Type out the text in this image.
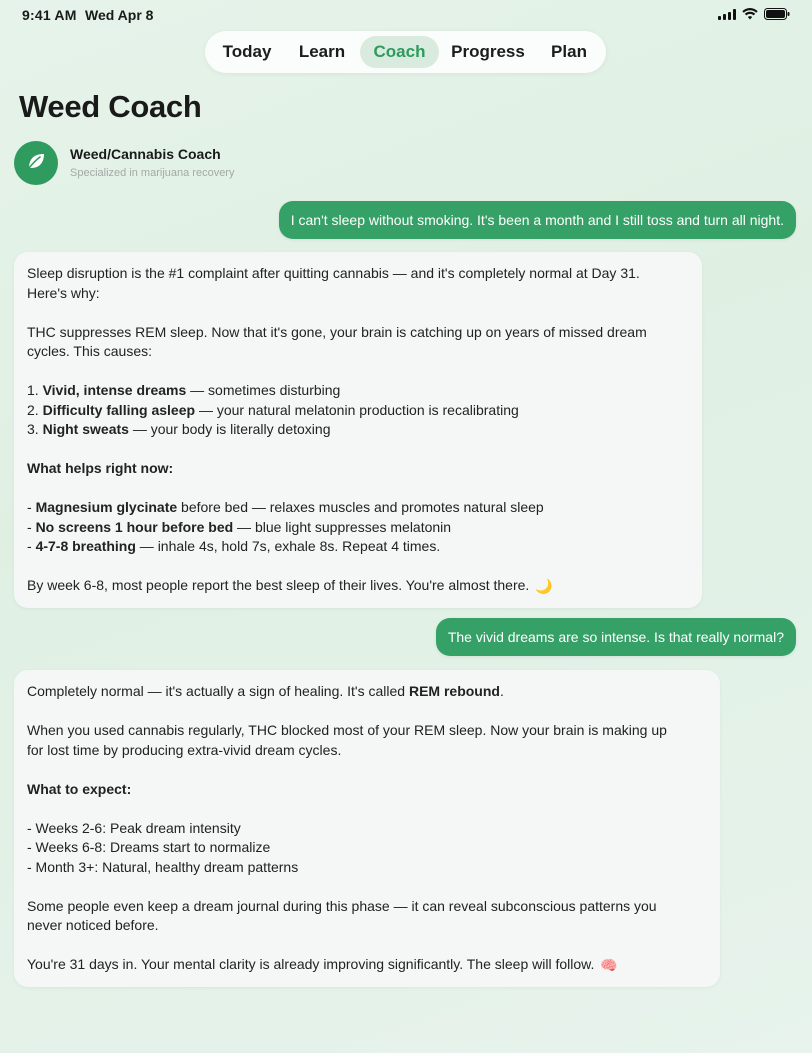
9:41 AM Wed Apr 8
Today	Learn	Coach	Progress	Plan
Weed Coach
Weed/Cannabis Coach
Specialized in marijuana recovery
I can't sleep without smoking. It's been a month and I still toss and turn all night.

Sleep disruption is the #1 complaint after quitting cannabis — and it's completely normal at Day 31.

Here's why:

THC suppresses REM sleep. Now that it's gone, your brain is catching up on years of missed dream

cycles. This causes:

1. Vivid, intense dreams — sometimes disturbing

2. Difficulty falling asleep — your natural melatonin production is recalibrating

3. Night sweats — your body is literally detoxing

What helps right now:

- Magnesium glycinate before bed — relaxes muscles and promotes natural sleep

- No screens 1 hour before bed — blue light suppresses melatonin

- 4-7-8 breathing — inhale 4s, hold 7s, exhale 8s. Repeat 4 times.

By week 6-8, most people report the best sleep of their lives. You're almost there. 🌙

The vivid dreams are so intense. Is that really normal?

Completely normal — it's actually a sign of healing. It's called REM rebound.

When you used cannabis regularly, THC blocked most of your REM sleep. Now your brain is making up

for lost time by producing extra-vivid dream cycles.

What to expect:

- Weeks 2-6: Peak dream intensity

- Weeks 6-8: Dreams start to normalize

- Month 3+: Natural, healthy dream patterns

Some people even keep a dream journal during this phase — it can reveal subconscious patterns you

never noticed before.

You're 31 days in. Your mental clarity is already improving significantly. The sleep will follow. 🧠
